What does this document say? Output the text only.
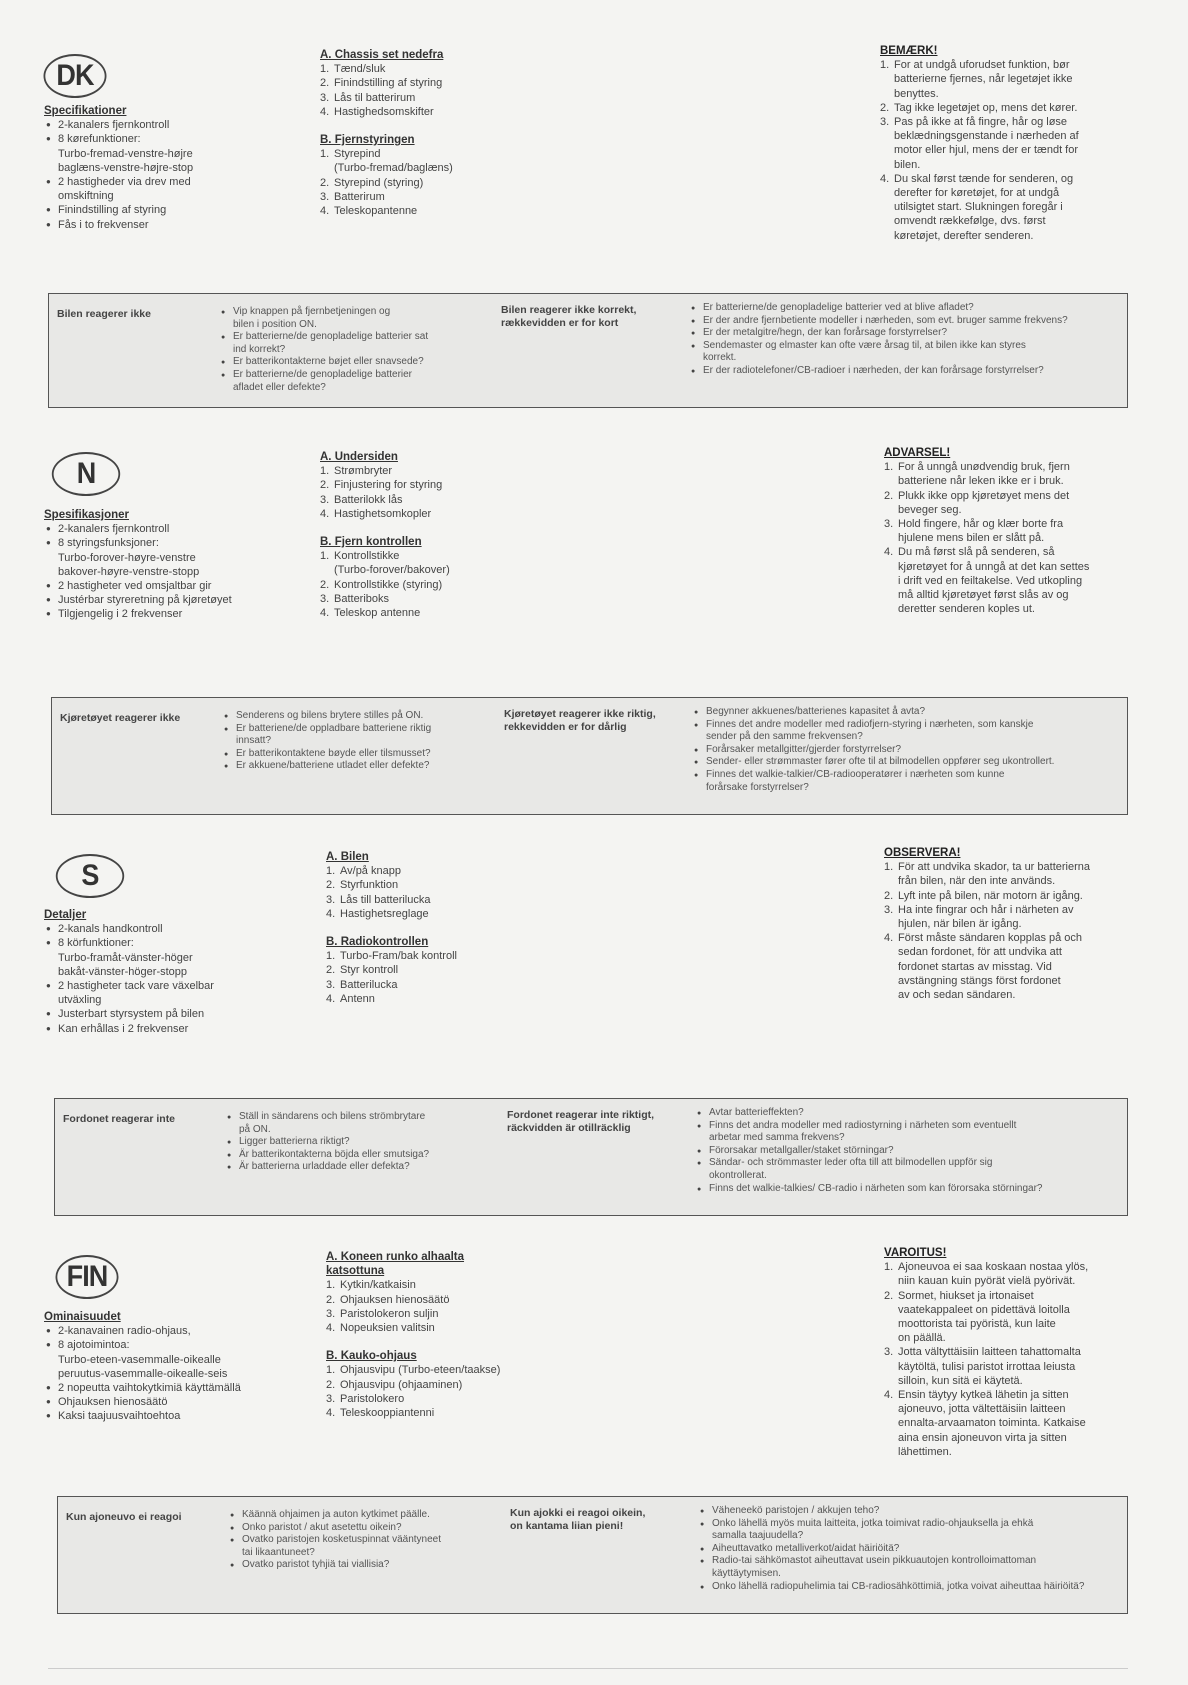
DK
Specifikationer
● 2-kanalers fjernkontroll
● 8 kørefunktioner:
Turbo-fremad-venstre-højre
baglæns-venstre-højre-stop
● 2 hastigheder via drev med
omskiftning
● Finindstilling af styring
● Fås i to frekvenser
A. Chassis set nedefra
1. Tænd/sluk
2. Finindstilling af styring
3. Lås til batterirum
4. Hastighedsomskifter
B. Fjernstyringen
1. Styrepind
(Turbo-fremad/baglæns)
2. Styrepind (styring)
3. Batterirum
4. Teleskopantenne
BEMÆRK!
1. For at undgå uforudset funktion, bør
batterierne fjernes, når legetøjet ikke
benyttes.
2. Tag ikke legetøjet op, mens det kører.
3. Pas på ikke at få fingre, hår og løse
beklædningsgenstande i nærheden af
motor eller hjul, mens der er tændt for
bilen.
4. Du skal først tænde for senderen, og
derefter for køretøjet, for at undgå
utilsigtet start. Slukningen foregår i
omvendt rækkefølge, dvs. først
køretøjet, derefter senderen.
Bilen reagerer ikke	● Vip knappen på fjernbetjeningen og
bilen i position ON.
● Er batterierne/de genopladelige batterier sat
ind korrekt?
● Er batterikontakterne bøjet eller snavsede?
● Er batterierne/de genopladelige batterier
afladet eller defekte?
Bilen reagerer ikke korrekt,
rækkevidden er for kort
● Er batterierne/de genopladelige batterier ved at blive afladet?
● Er der andre fjernbetiente modeller i nærheden, som evt. bruger samme frekvens?
● Er der metalgitre/hegn, der kan forårsage forstyrrelser?
● Sendemaster og elmaster kan ofte være årsag til, at bilen ikke kan styres
korrekt.
● Er der radiotelefoner/CB-radioer i nærheden, der kan forårsage forstyrrelser?
N
Spesifikasjoner
● 2-kanalers fjernkontroll
● 8 styringsfunksjoner:
Turbo-forover-høyre-venstre
bakover-høyre-venstre-stopp
● 2 hastigheter ved omsjaltbar gir
● Justérbar styreretning på kjøretøyet
● Tilgjengelig i 2 frekvenser
A. Undersiden
1. Strømbryter
2. Finjustering for styring
3. Batterilokk lås
4. Hastighetsomkopler
B. Fjern kontrollen
1. Kontrollstikke
(Turbo-forover/bakover)
2. Kontrollstikke (styring)
3. Batteriboks
4. Teleskop antenne
ADVARSEL!
1. For å unngå unødvendig bruk, fjern
batteriene når leken ikke er i bruk.
2. Plukk ikke opp kjøretøyet mens det
beveger seg.
3. Hold fingere, hår og klær borte fra
hjulene mens bilen er slått på.
4. Du må først slå på senderen, så
kjøretøyet for å unngå at det kan settes
i drift ved en feiltakelse. Ved utkopling
må alltid kjøretøyet først slås av og
deretter senderen koples ut.
Kjøretøyet reagerer ikke	● Senderens og bilens brytere stilles på ON.
● Er batteriene/de oppladbare batteriene riktig
innsatt?
● Er batterikontaktene bøyde eller tilsmusset?
● Er akkuene/batteriene utladet eller defekte?
Kjøretøyet reagerer ikke riktig,
rekkevidden er for dårlig
● Begynner akkuenes/batterienes kapasitet å avta?
● Finnes det andre modeller med radiofjern-styring i nærheten, som kanskje
sender på den samme frekvensen?
● Forårsaker metallgitter/gjerder forstyrrelser?
● Sender- eller strømmaster fører ofte til at bilmodellen oppfører seg ukontrollert.
● Finnes det walkie-talkier/CB-radiooperatører i nærheten som kunne
forårsake forstyrrelser?
S
Detaljer
● 2-kanals handkontroll
● 8 körfunktioner:
Turbo-framåt-vänster-höger
bakåt-vänster-höger-stopp
● 2 hastigheter tack vare växelbar
utväxling
● Justerbart styrsystem på bilen
● Kan erhållas i 2 frekvenser
A. Bilen
1. Av/på knapp
2. Styrfunktion
3. Lås till batterilucka
4. Hastighetsreglage
B. Radiokontrollen
1. Turbo-Fram/bak kontroll
2. Styr kontroll
3. Batterilucka
4. Antenn
OBSERVERA!
1. För att undvika skador, ta ur batterierna
från bilen, när den inte används.
2. Lyft inte på bilen, när motorn är igång.
3. Ha inte fingrar och hår i närheten av
hjulen, när bilen är igång.
4. Först måste sändaren kopplas på och
sedan fordonet, för att undvika att
fordonet startas av misstag. Vid
avstängning stängs först fordonet
av och sedan sändaren.
Fordonet reagerar inte	● Ställ in sändarens och bilens strömbrytare
på ON.
● Ligger batterierna riktigt?
● Är batterikontakterna böjda eller smutsiga?
● Är batterierna urladdade eller defekta?
Fordonet reagerar inte riktigt,
räckvidden är otillräcklig
● Avtar batterieffekten?
● Finns det andra modeller med radiostyrning i närheten som eventuellt
arbetar med samma frekvens?
● Förorsakar metallgaller/staket störningar?
● Sändar- och strömmaster leder ofta till att bilmodellen uppför sig
okontrollerat.
● Finns det walkie-talkies/ CB-radio i närheten som kan förorsaka störningar?
FIN
Ominaisuudet
● 2-kanavainen radio-ohjaus,
● 8 ajotoimintoa:
Turbo-eteen-vasemmalle-oikealle
peruutus-vasemmalle-oikealle-seis
● 2 nopeutta vaihtokytkimiä käyttämällä
● Ohjauksen hienosäätö
● Kaksi taajuusvaihtoehtoa
A. Koneen runko alhaalta
katsottuna
1. Kytkin/katkaisin
2. Ohjauksen hienosäätö
3. Paristolokeron suljin
4. Nopeuksien valitsin
B. Kauko-ohjaus
1. Ohjausvipu (Turbo-eteen/taakse)
2. Ohjausvipu (ohjaaminen)
3. Paristolokero
4. Teleskooppiantenni
VAROITUS!
1. Ajoneuvoa ei saa koskaan nostaa ylös,
niin kauan kuin pyörät vielä pyörivät.
2. Sormet, hiukset ja irtonaiset
vaatekappaleet on pidettävä loitolla
moottorista tai pyöristä, kun laite
on päällä.
3. Jotta vältyttäisiin laitteen tahattomalta
käytöltä, tulisi paristot irrottaa leiusta
silloin, kun sitä ei käytetä.
4. Ensin täytyy kytkeä lähetin ja sitten
ajoneuvo, jotta vältettäisiin laitteen
ennalta-arvaamaton toiminta. Katkaise
aina ensin ajoneuvon virta ja sitten
lähettimen.
Kun ajoneuvo ei reagoi	● Käännä ohjaimen ja auton kytkimet päälle.
● Onko paristot / akut asetettu oikein?
● Ovatko paristojen kosketuspinnat vääntyneet
tai likaantuneet?
● Ovatko paristot tyhjiä tai viallisia?
Kun ajokki ei reagoi oikein,
on kantama liian pieni!
● Väheneekö paristojen / akkujen teho?
● Onko lähellä myös muita laitteita, jotka toimivat radio-ohjauksella ja ehkä
samalla taajuudella?
● Aiheuttavatko metalliverkot/aidat häiriöitä?
● Radio-tai sähkömastot aiheuttavat usein pikkuautojen kontrolloimattoman
käyttäytymisen.
● Onko lähellä radiopuhelimia tai CB-radiosähköttimiä, jotka voivat aiheuttaa häiriöitä?
